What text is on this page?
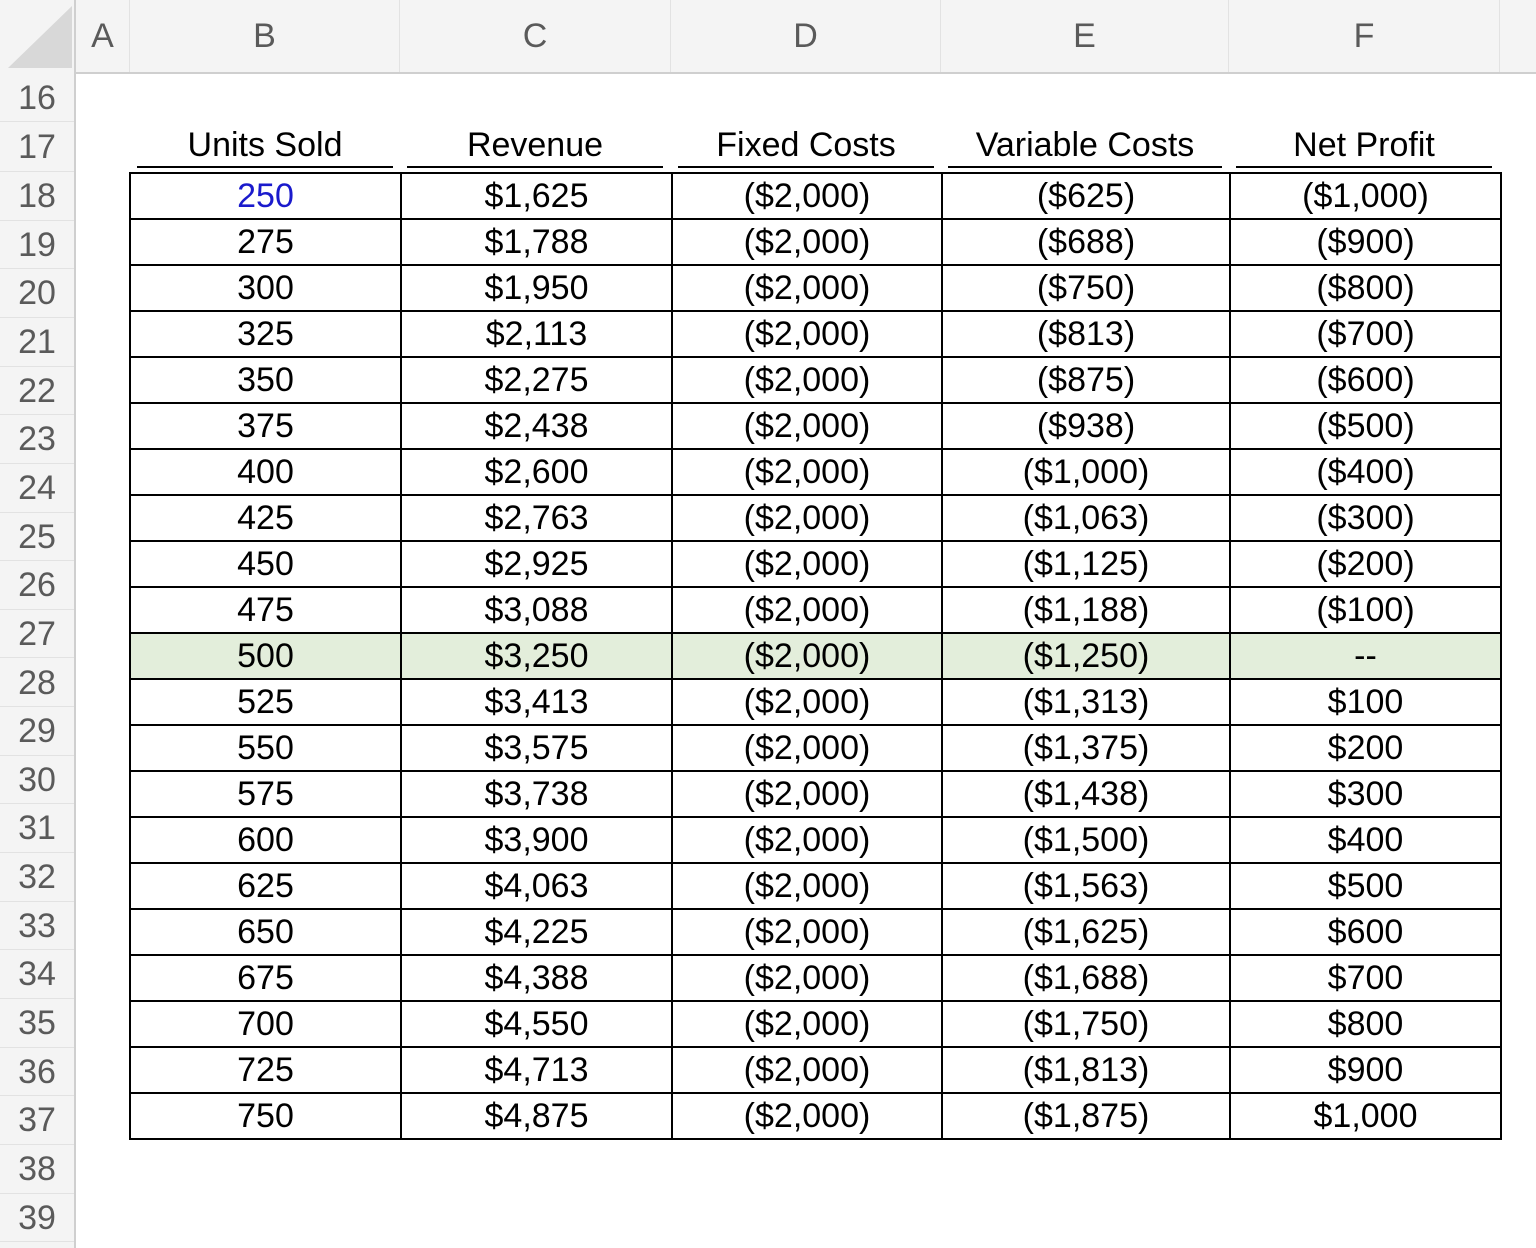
A	B	C	D	E	F
16
17
18
19
20
21
22
23
24
25
26
27
28
29
30
31
32
33
34
35
36
37
38
39
Units Sold	Revenue	Fixed Costs	Variable Costs	Net Profit
250	$1,625	($2,000)	($625)	($1,000)
275	$1,788	($2,000)	($688)	($900)
300	$1,950	($2,000)	($750)	($800)
325	$2,113	($2,000)	($813)	($700)
350	$2,275	($2,000)	($875)	($600)
375	$2,438	($2,000)	($938)	($500)
400	$2,600	($2,000)	($1,000)	($400)
425	$2,763	($2,000)	($1,063)	($300)
450	$2,925	($2,000)	($1,125)	($200)
475	$3,088	($2,000)	($1,188)	($100)
500	$3,250	($2,000)	($1,250)	--
525	$3,413	($2,000)	($1,313)	$100
550	$3,575	($2,000)	($1,375)	$200
575	$3,738	($2,000)	($1,438)	$300
600	$3,900	($2,000)	($1,500)	$400
625	$4,063	($2,000)	($1,563)	$500
650	$4,225	($2,000)	($1,625)	$600
675	$4,388	($2,000)	($1,688)	$700
700	$4,550	($2,000)	($1,750)	$800
725	$4,713	($2,000)	($1,813)	$900
750	$4,875	($2,000)	($1,875)	$1,000
